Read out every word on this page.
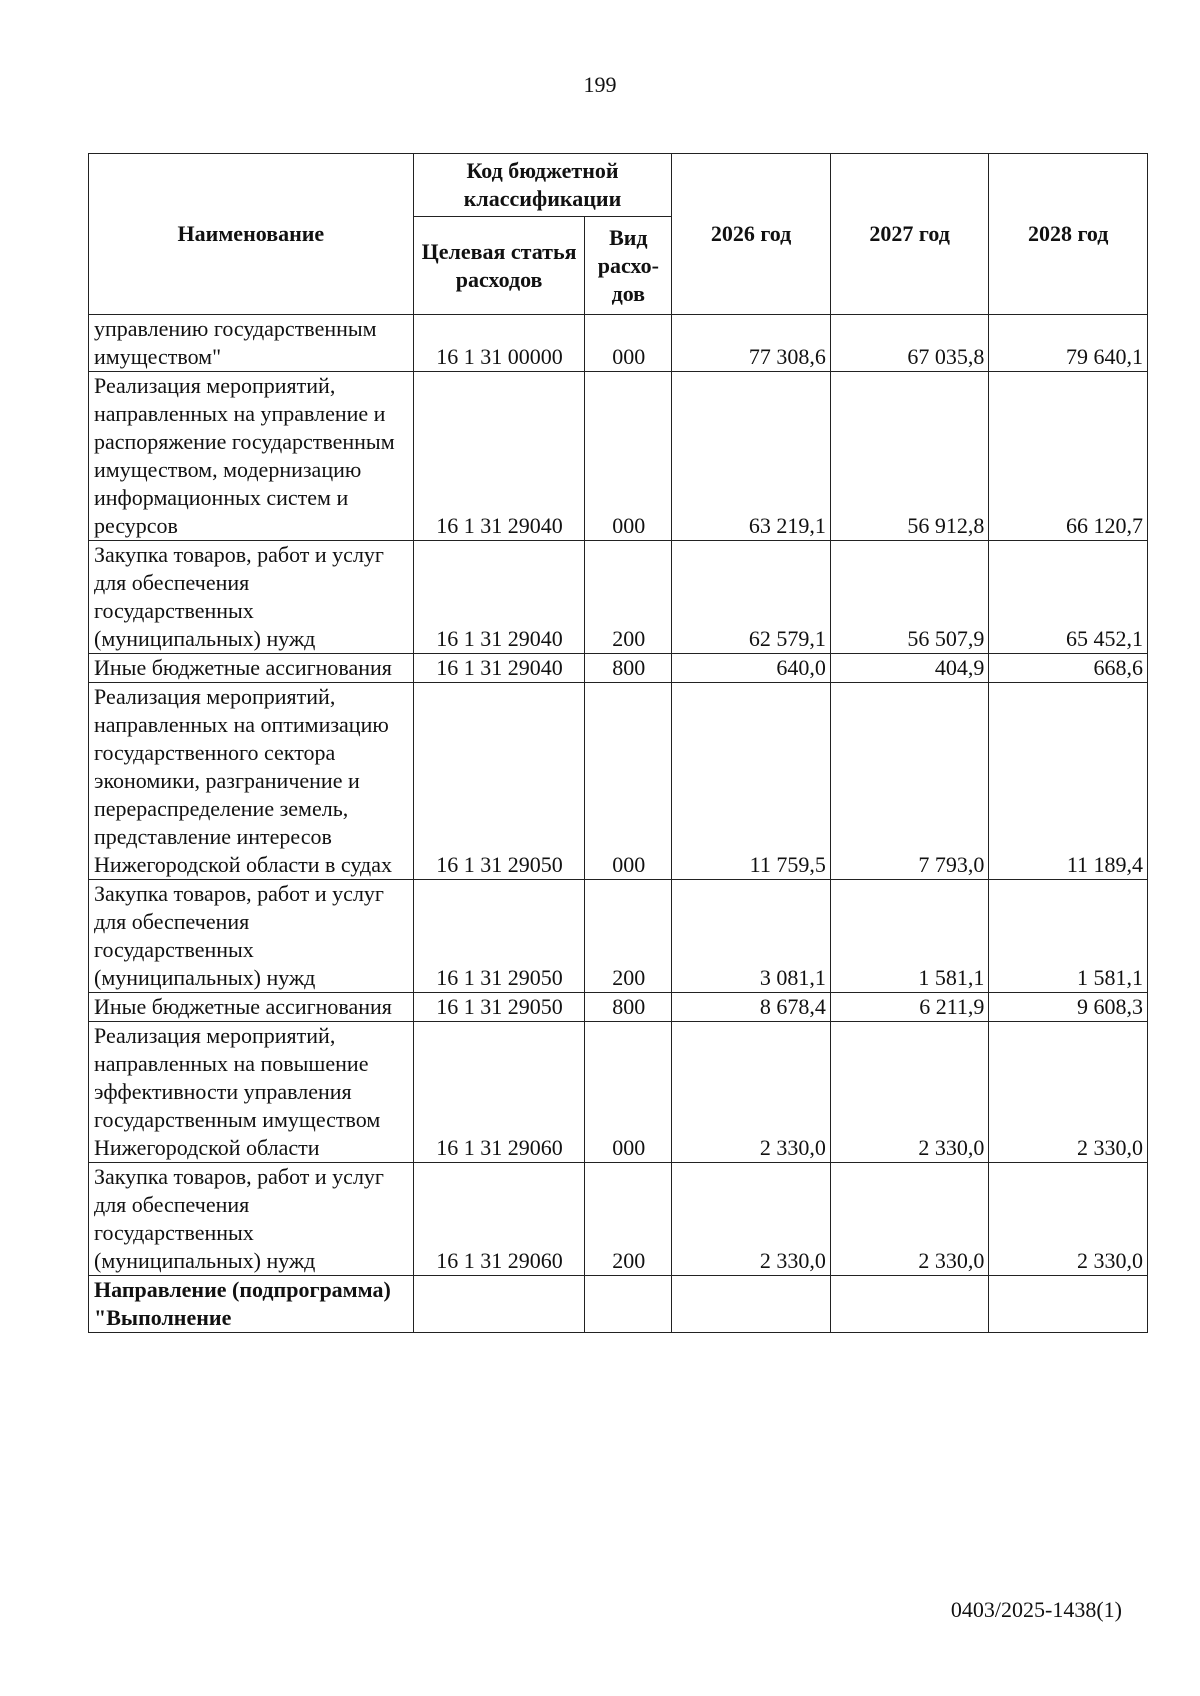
199
Наименование	Код бюджетной классификации		2026 год	2027 год	2028 год
	Целевая статья расходов	Вид расхо- дов			
управлению государственным имуществом"	16 1 31 00000	000	77 308,6	67 035,8	79 640,1
Реализация мероприятий, направленных на управление и распоряжение государственным имуществом, модернизацию информационных систем и ресурсов	16 1 31 29040	000	63 219,1	56 912,8	66 120,7
Закупка товаров, работ и услуг для обеспечения государственных (муниципальных) нужд	16 1 31 29040	200	62 579,1	56 507,9	65 452,1
Иные бюджетные ассигнования	16 1 31 29040	800	640,0	404,9	668,6
Реализация мероприятий, направленных на оптимизацию государственного сектора экономики, разграничение и перераспределение земель, представление интересов Нижегородской области в судах	16 1 31 29050	000	11 759,5	7 793,0	11 189,4
Закупка товаров, работ и услуг для обеспечения государственных (муниципальных) нужд	16 1 31 29050	200	3 081,1	1 581,1	1 581,1
Иные бюджетные ассигнования	16 1 31 29050	800	8 678,4	6 211,9	9 608,3
Реализация мероприятий, направленных на повышение эффективности управления государственным имуществом Нижегородской области	16 1 31 29060	000	2 330,0	2 330,0	2 330,0
Закупка товаров, работ и услуг для обеспечения государственных (муниципальных) нужд	16 1 31 29060	200	2 330,0	2 330,0	2 330,0
Направление (подпрограмма) "Выполнение					
0403/2025-1438(1)
